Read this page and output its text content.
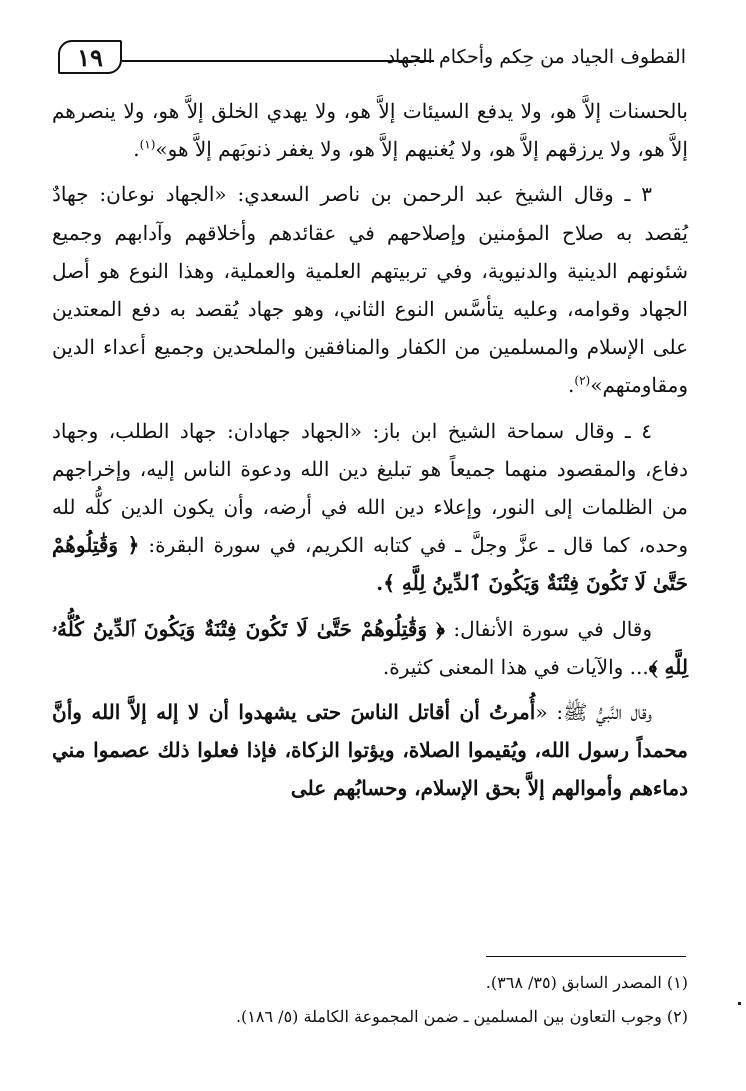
١٩	القطوف الجياد من حِكم وأحكام الجهاد

بالحسنات إلاَّ هو، ولا يدفع السيئات إلاَّ هو، ولا يهدي الخلق إلاَّ هو، ولا ينصرهم إلاَّ هو، ولا يرزقهم إلاَّ هو، ولا يُغنيهم إلاَّ هو، ولا يغفر ذنوبَهم إلاَّ هو»$^{(١)}$.

٣ ـ وقال الشيخ عبد الرحمن بن ناصر السعدي: «الجهاد نوعان: جهادٌ يُقصد به صلاح المؤمنين وإصلاحهم في عقائدهم وأخلاقهم وآدابهم وجميع شئونهم الدينية والدنيوية، وفي تربيتهم العلمية والعملية، وهذا النوع هو أصل الجهاد وقوامه، وعليه يتأسَّس النوع الثاني، وهو جهاد يُقصد به دفع المعتدين على الإسلام والمسلمين من الكفار والمنافقين والملحدين وجميع أعداء الدين ومقاومتهم»$^{(٢)}$.

٤ ـ وقال سماحة الشيخ ابن باز: «الجهاد جهادان: جهاد الطلب، وجهاد دفاع، والمقصود منهما جميعاً هو تبليغ دين الله ودعوة الناس إليه، وإخراجهم من الظلمات إلى النور، وإعلاء دين الله في أرضه، وأن يكون الدين كلُّه لله وحده، كما قال ـ عزَّ وجلَّ ـ في كتابه الكريم، في سورة البقرة: ﴿ وَقَٰتِلُوهُمْ حَتَّىٰ لَا تَكُونَ فِتْنَةٌ وَيَكُونَ ٱلدِّينُ لِلَّهِ ﴾.

وقال في سورة الأنفال: ﴿ وَقَٰتِلُوهُمْ حَتَّىٰ لَا تَكُونَ فِتْنَةٌ وَيَكُونَ ٱلدِّينُ كُلُّهُۥ لِلَّهِ ﴾... والآيات في هذا المعنى كثيرة.

وقال النَّبيُّ ﷺ: «أُمرتُ أن أقاتل الناسَ حتى يشهدوا أن لا إله إلاَّ الله وأنَّ محمداً رسول الله، ويُقيموا الصلاة، ويؤتوا الزكاة، فإذا فعلوا ذلك عصموا مني دماءهم وأموالهم إلاَّ بحق الإسلام، وحسابُهم على

(١) المصدر السابق (٣٥/ ٣٦٨).
(٢) وجوب التعاون بين المسلمين ـ ضمن المجموعة الكاملة (٥/ ١٨٦).
